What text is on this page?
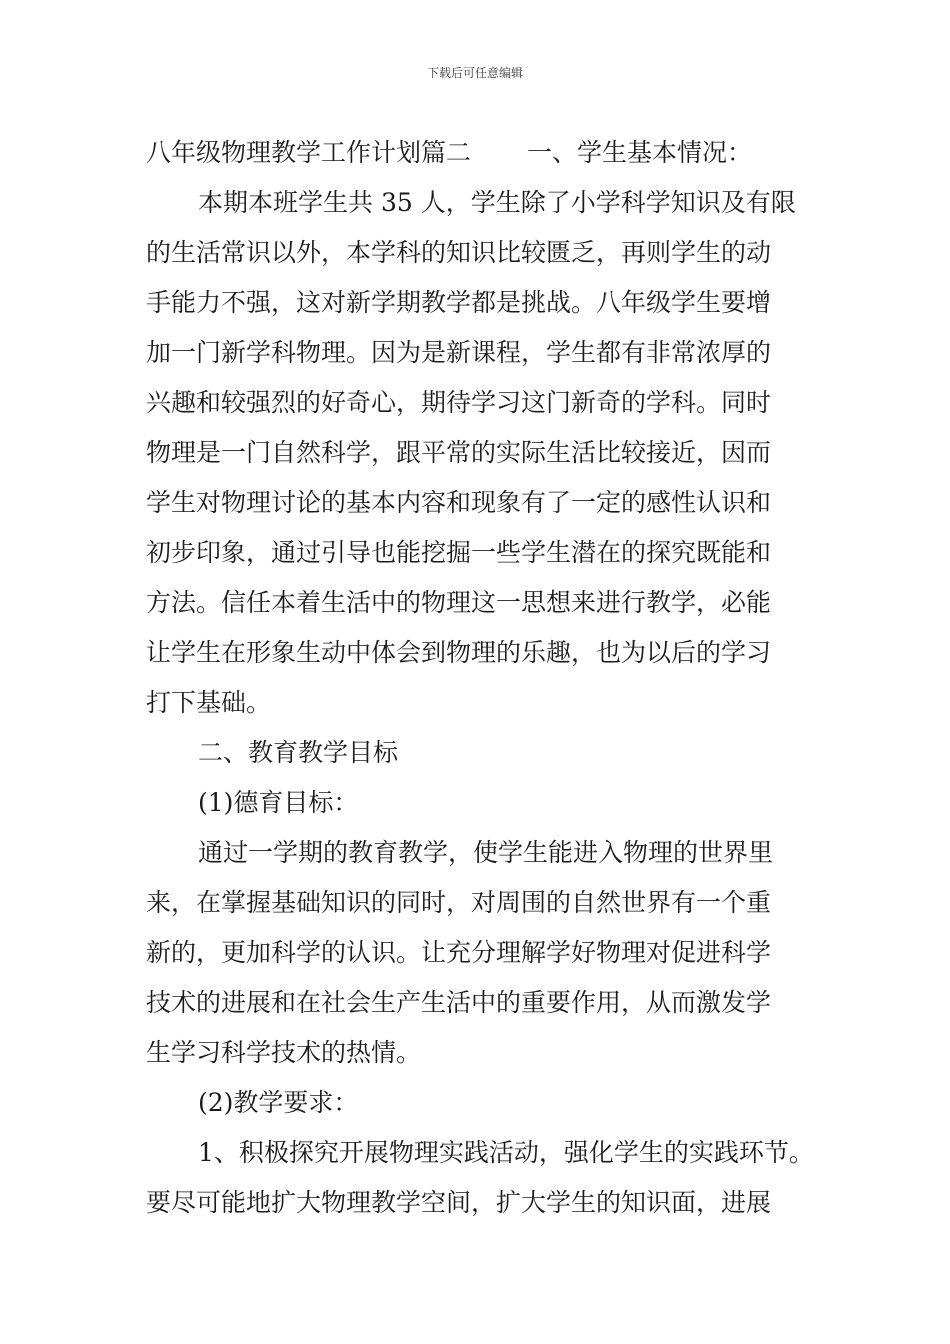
下载后可任意编辑
八年级物理教学工作计划篇二 一、学生基本情况：
本期本班学生共 35 人，学生除了小学科学知识及有限
的生活常识以外，本学科的知识比较匮乏，再则学生的动
手能力不强，这对新学期教学都是挑战。八年级学生要增
加一门新学科物理。因为是新课程，学生都有非常浓厚的
兴趣和较强烈的好奇心，期待学习这门新奇的学科。同时
物理是一门自然科学，跟平常的实际生活比较接近，因而
学生对物理讨论的基本内容和现象有了一定的感性认识和
初步印象，通过引导也能挖掘一些学生潜在的探究既能和
方法。信任本着生活中的物理这一思想来进行教学，必能
让学生在形象生动中体会到物理的乐趣，也为以后的学习
打下基础。
二、教育教学目标
(1)德育目标：
通过一学期的教育教学，使学生能进入物理的世界里
来，在掌握基础知识的同时，对周围的自然世界有一个重
新的，更加科学的认识。让充分理解学好物理对促进科学
技术的进展和在社会生产生活中的重要作用，从而激发学
生学习科学技术的热情。
(2)教学要求：
1、积极探究开展物理实践活动，强化学生的实践环节。
要尽可能地扩大物理教学空间，扩大学生的知识面，进展
